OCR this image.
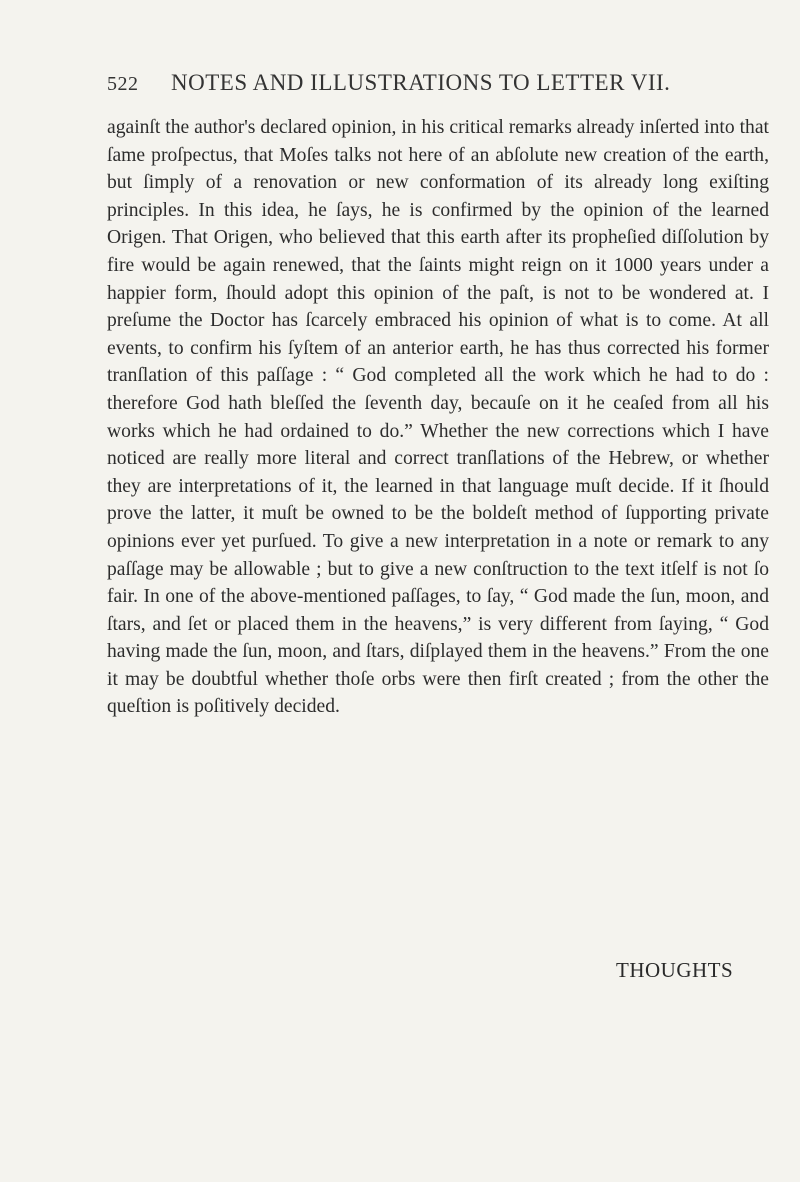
522	NOTES AND ILLUSTRATIONS TO LETTER VII.

againſt the author's declared opinion, in his critical remarks already inſerted into that ſame proſpectus, that Moſes talks not here of an abſolute new creation of the earth, but ſimply of a renovation or new conformation of its already long exiſting principles. In this idea, he ſays, he is confirmed by the opinion of the learned Origen. That Origen, who believed that this earth after its propheſied diſſolution by fire would be again renewed, that the ſaints might reign on it 1000 years under a happier form, ſhould adopt this opinion of the paſt, is not to be wondered at. I preſume the Doctor has ſcarcely embraced his opinion of what is to come. At all events, to confirm his ſyſtem of an anterior earth, he has thus corrected his former tranſlation of this paſſage : “ God completed all the work which he had to do : therefore God hath bleſſed the ſeventh day, becauſe on it he ceaſed from all his works which he had ordained to do.” Whether the new corrections which I have noticed are really more literal and correct tranſlations of the Hebrew, or whether they are interpretations of it, the learned in that language muſt decide. If it ſhould prove the latter, it muſt be owned to be the boldeſt method of ſupporting private opinions ever yet purſued. To give a new interpretation in a note or remark to any paſſage may be allowable ; but to give a new conſtruction to the text itſelf is not ſo fair. In one of the above-mentioned paſſages, to ſay, “ God made the ſun, moon, and ſtars, and ſet or placed them in the heavens,” is very different from ſaying, “ God having made the ſun, moon, and ſtars, diſplayed them in the heavens.” From the one it may be doubtful whether thoſe orbs were then firſt created ; from the other the queſtion is poſitively decided.

THOUGHTS
